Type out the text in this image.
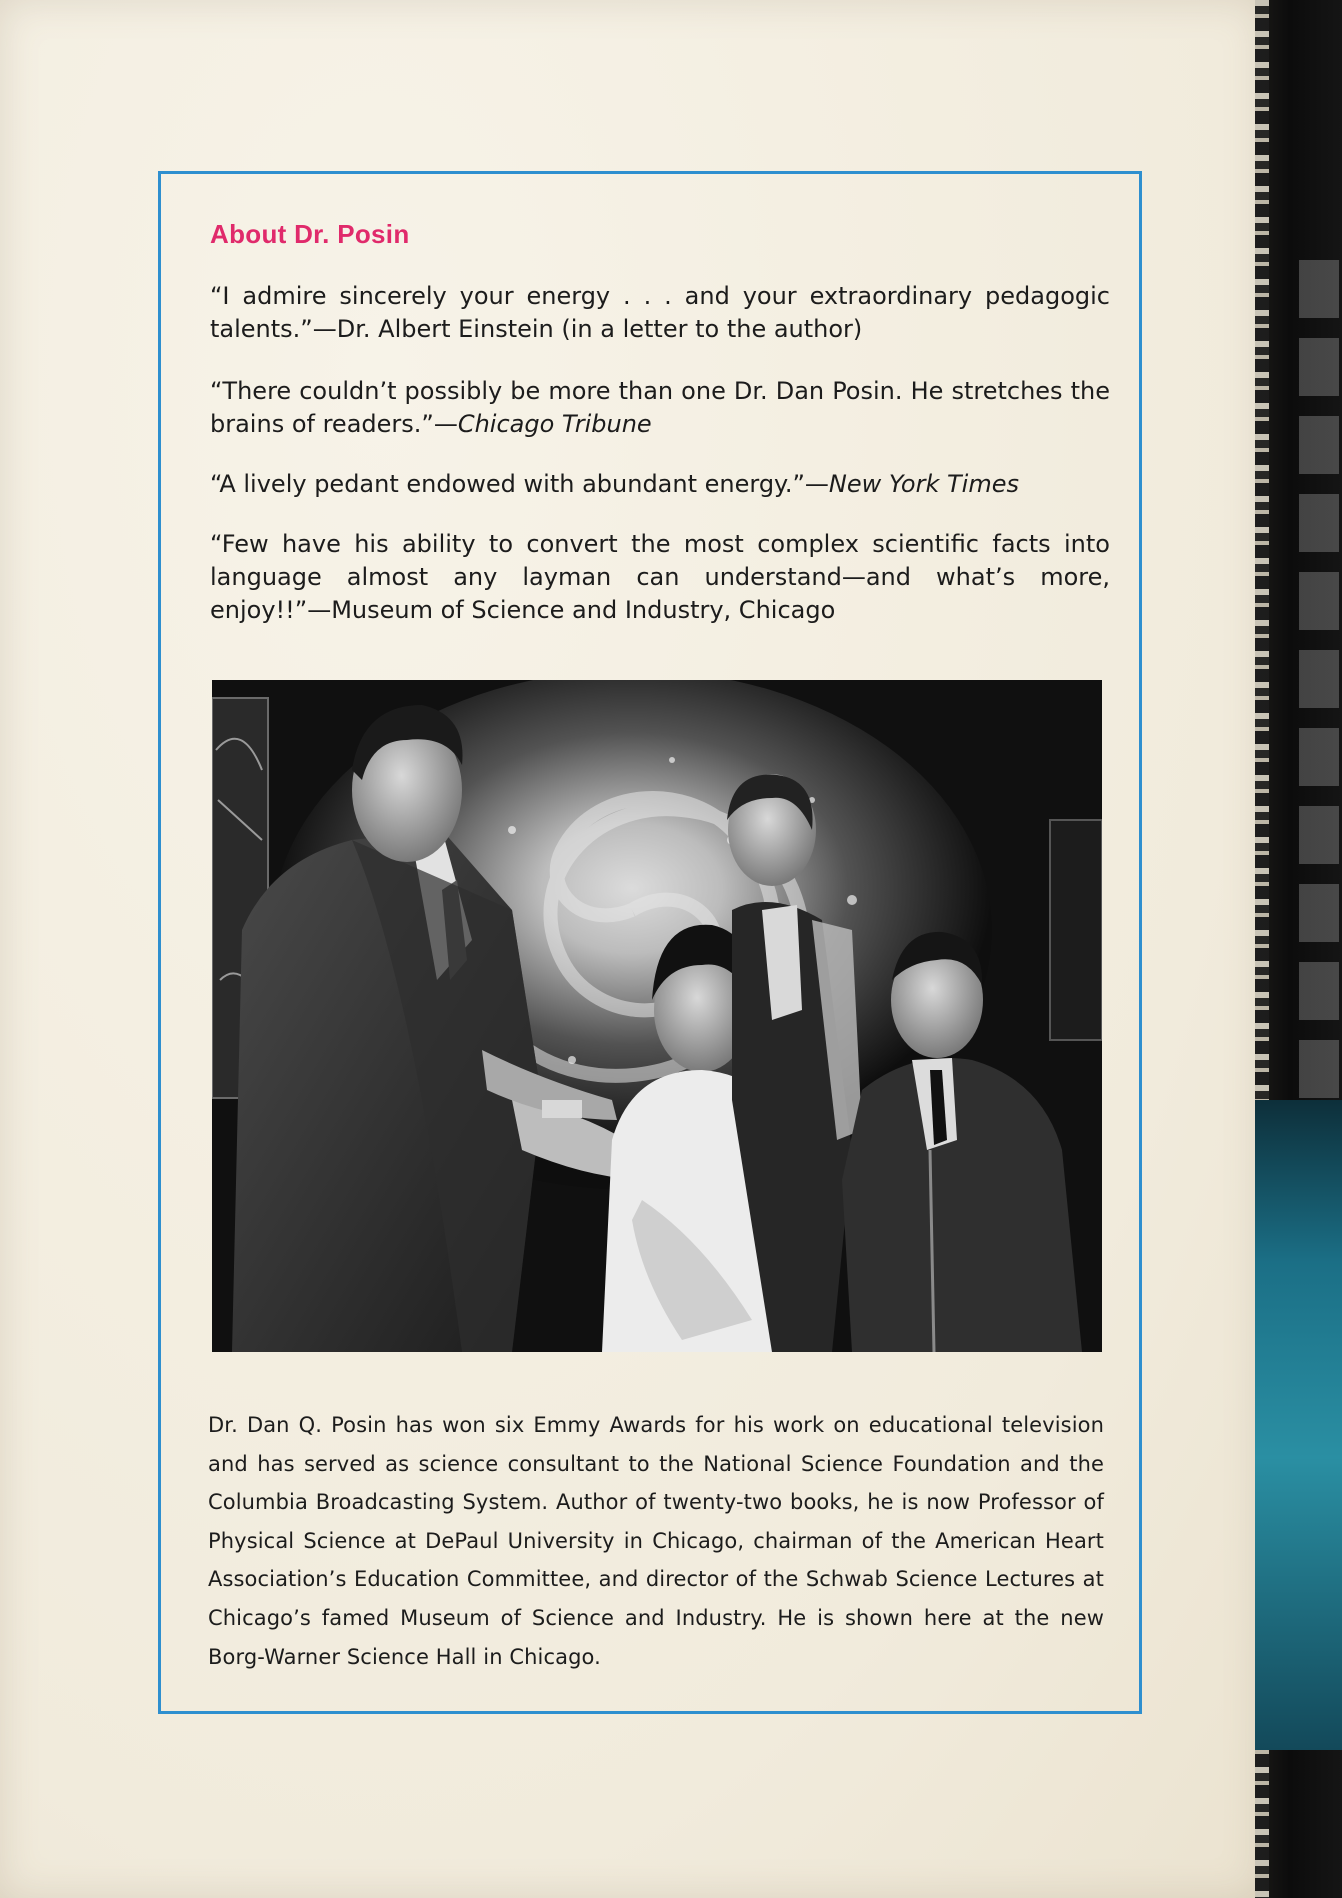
About Dr. Posin
“I admire sincerely your energy . . . and your extraordinary pedagogic talents.”—Dr. Albert Einstein (in a letter to the author)
“There couldn’t possibly be more than one Dr. Dan Posin. He stretches the brains of readers.”—Chicago Tribune
“A lively pedant endowed with abundant energy.”—New York Times
“Few have his ability to convert the most complex scientific facts into language almost any layman can understand—and what’s more, enjoy!!”—Museum of Science and Industry, Chicago
Dr. Dan Q. Posin has won six Emmy Awards for his work on educational television and has served as science consultant to the National Science Foundation and the Columbia Broadcasting System. Author of twenty-two books, he is now Professor of Physical Science at DePaul University in Chicago, chairman of the American Heart Association’s Education Committee, and director of the Schwab Science Lectures at Chicago’s famed Museum of Science and Industry. He is shown here at the new Borg-Warner Science Hall in Chicago.
